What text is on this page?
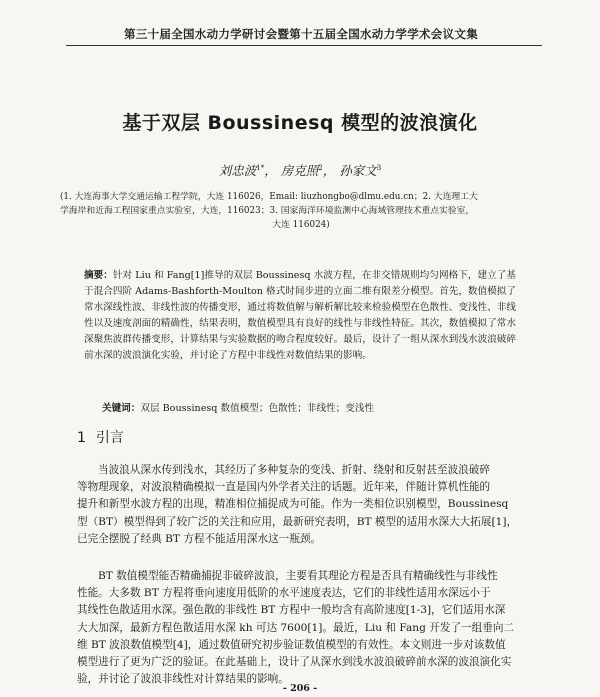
第三十届全国水动力学研讨会暨第十五届全国水动力学学术会议文集
基于双层 Boussinesq 模型的波浪演化
刘忠波$^{1*}$， 房克照$^2$， 孙家文$^3$
(1. 大连海事大学交通运输工程学院，大连 116026，Email: liuzhongbo@dlmu.edu.cn；2. 大连理工大
学海岸和近海工程国家重点实验室，大连，116023；3. 国家海洋环境监测中心海域管理技术重点实验室，
大连 116024)
摘要：针对 Liu 和 Fang[1]推导的双层 Boussinesq 水波方程，在非交错规则均匀网格下，建立了基于混合四阶 Adams-Bashforth-Moulton 格式时间步进的立面二维有限差分模型。首先，数值模拟了常水深线性波、非线性波的传播变形，通过将数值解与解析解比较来检验模型在色散性、变浅性、非线性以及速度剖面的精确性，结果表明，数值模型具有良好的线性与非线性特征。其次，数值模拟了常水深聚焦波群传播变形，计算结果与实验数据的吻合程度较好。最后，设计了一组从深水到浅水波浪破碎前水深的波浪演化实验，并讨论了方程中非线性对数值结果的影响。
关键词：双层 Boussinesq 数值模型；色散性；非线性；变浅性
1 引言
当波浪从深水传到浅水，其经历了多种复杂的变浅、折射、绕射和反射甚至波浪破碎
等物理现象，对波浪精确模拟一直是国内外学者关注的话题。近年来，伴随计算机性能的
提升和新型水波方程的出现，精准相位捕捉成为可能。作为一类相位识别模型，Boussinesq
型（BT）模型得到了较广泛的关注和应用，最新研究表明，BT 模型的适用水深大大拓展[1]，
已完全摆脱了经典 BT 方程不能适用深水这一瓶颈。
BT 数值模型能否精确捕捉非破碎波浪，主要看其理论方程是否具有精确线性与非线性
性能。大多数 BT 方程将垂向速度用低阶的水平速度表达，它们的非线性适用水深远小于
其线性色散适用水深。强色散的非线性 BT 方程中一般均含有高阶速度[1-3]，它们适用水深
大大加深，最新方程色散适用水深 kh 可达 7600[1]。最近，Liu 和 Fang 开发了一组垂向二
维 BT 波浪数值模型[4]，通过数值研究初步验证数值模型的有效性。本文则进一步对该数值
模型进行了更为广泛的验证。在此基础上，设计了从深水到浅水波浪破碎前水深的波浪演化实
验，并讨论了波浪非线性对计算结果的影响。
- 206 -
